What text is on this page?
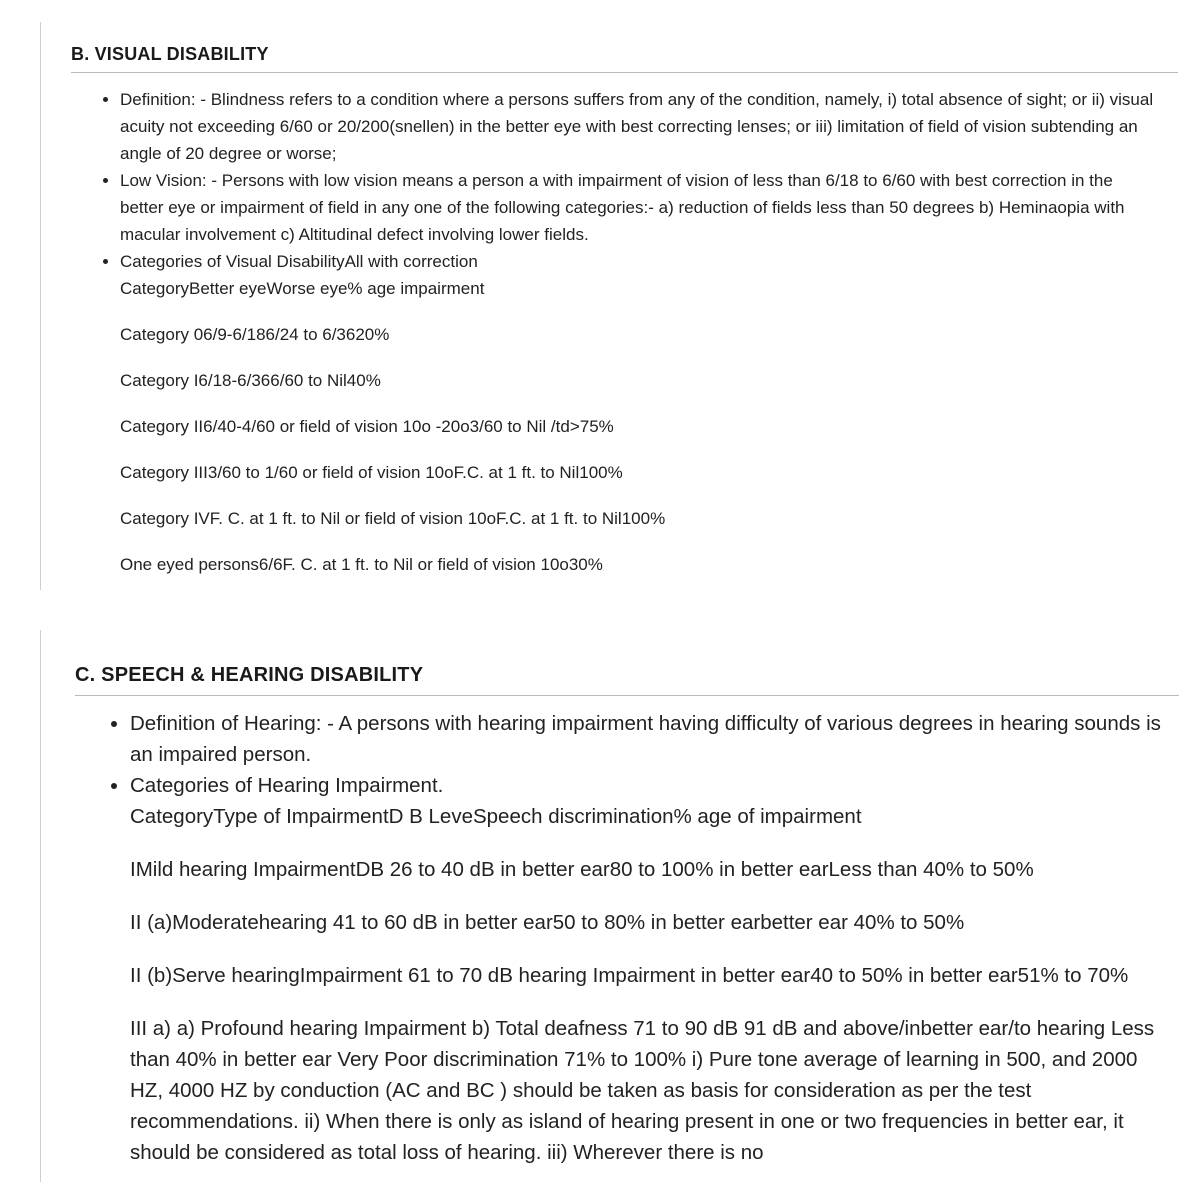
B. VISUAL DISABILITY
• Definition: - Blindness refers to a condition where a persons suffers from any of the condition, namely, i) total absence of sight; or ii) visual acuity not exceeding 6/60 or 20/200(snellen) in the better eye with best correcting lenses; or iii) limitation of field of vision subtending an angle of 20 degree or worse;
• Low Vision: - Persons with low vision means a person a with impairment of vision of less than 6/18 to 6/60 with best correction in the better eye or impairment of field in any one of the following categories:- a) reduction of fields less than 50 degrees b) Heminaopia with macular involvement c) Altitudinal defect involving lower fields.
• Categories of Visual DisabilityAll with correction
CategoryBetter eyeWorse eye% age impairment
Category 06/9-6/186/24 to 6/3620%
Category I6/18-6/366/60 to Nil40%
Category II6/40-4/60 or field of vision 10o -20o3/60 to Nil /td>75%
Category III3/60 to 1/60 or field of vision 10oF.C. at 1 ft. to Nil100%
Category IVF. C. at 1 ft. to Nil or field of vision 10oF.C. at 1 ft. to Nil100%
One eyed persons6/6F. C. at 1 ft. to Nil or field of vision 10o30%
C. SPEECH & HEARING DISABILITY
• Definition of Hearing: - A persons with hearing impairment having difficulty of various degrees in hearing sounds is an impaired person.
• Categories of Hearing Impairment.
CategoryType of ImpairmentD B LeveSpeech discrimination% age of impairment
IMild hearing ImpairmentDB 26 to 40 dB in better ear80 to 100% in better earLess than 40% to 50%
II (a)Moderatehearing 41 to 60 dB in better ear50 to 80% in better earbetter ear 40% to 50%
II (b)Serve hearingImpairment 61 to 70 dB hearing Impairment in better ear40 to 50% in better ear51% to 70%
III a) a) Profound hearing Impairment b) Total deafness 71 to 90 dB 91 dB and above/inbetter ear/to hearing Less than 40% in better ear Very Poor discrimination 71% to 100% i) Pure tone average of learning in 500, and 2000 HZ, 4000 HZ by conduction (AC and BC ) should be taken as basis for consideration as per the test recommendations. ii) When there is only as island of hearing present in one or two frequencies in better ear, it should be considered as total loss of hearing. iii) Wherever there is no
